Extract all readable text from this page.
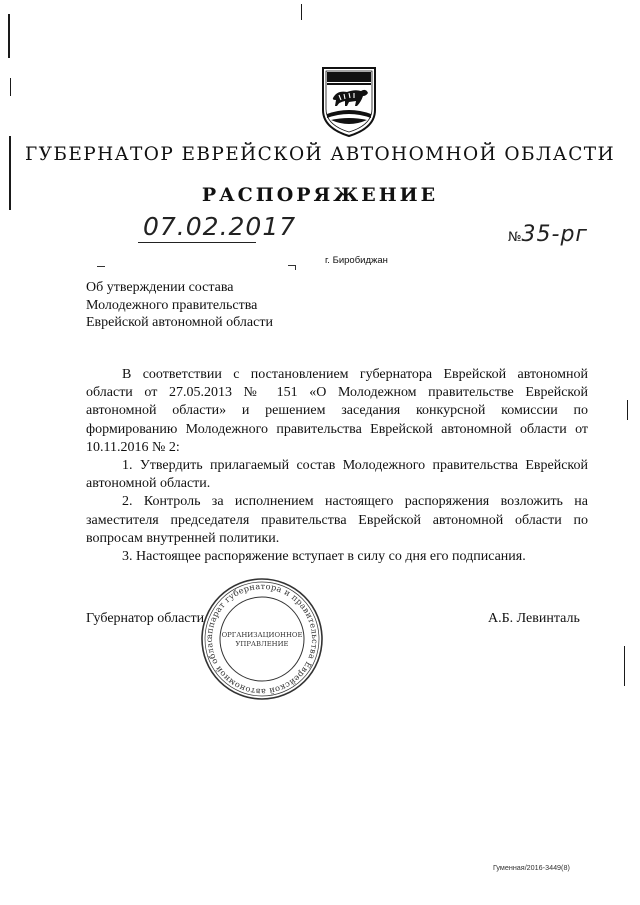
ГУБЕРНАТОР ЕВРЕЙСКОЙ АВТОНОМНОЙ ОБЛАСТИ
РАСПОРЯЖЕНИЕ
07.02.2017	№35-рг
г. Биробиджан
Об утверждении состава
Молодежного правительства
Еврейской автономной области

В соответствии с постановлением губернатора Еврейской автономной области от 27.05.2013 № 151 «О Молодежном правительстве Еврейской автономной области» и решением заседания конкурсной комиссии по формированию Молодежного правительства Еврейской автономной области от 10.11.2016 № 2:

1. Утвердить прилагаемый состав Молодежного правительства Еврейской автономной области.

2. Контроль за исполнением настоящего распоряжения возложить на заместителя председателя правительства Еврейской автономной области по вопросам внутренней политики.

3. Настоящее распоряжение вступает в силу со дня его подписания.

Губернатор области	А.Б. Левинталь
аппарат губернатора и правительства Еврейской автономной облас
ОРГАНИЗАЦИОННОЕ
УПРАВЛЕНИЕ
Гуменная/2016-3449(8)
